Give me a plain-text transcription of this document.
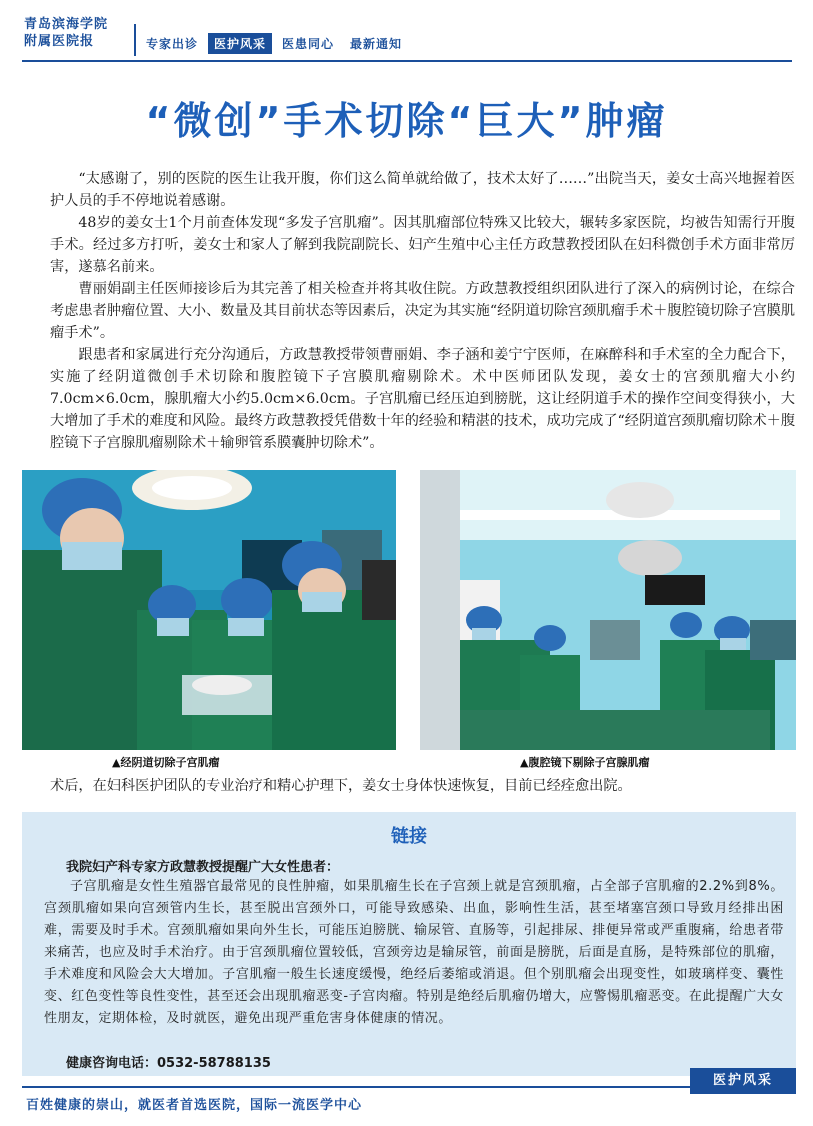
青岛滨海学院
附属医院报	专家出诊	医护风采	医患同心	最新通知
“微创”手术切除“巨大”肿瘤

“太感谢了，别的医院的医生让我开腹，你们这么简单就给做了，技术太好了……”出院当天，姜女士高兴地握着医护人员的手不停地说着感谢。

48岁的姜女士1个月前查体发现“多发子宫肌瘤”。因其肌瘤部位特殊又比较大，辗转多家医院，均被告知需行开腹手术。经过多方打听，姜女士和家人了解到我院副院长、妇产生殖中心主任方政慧教授团队在妇科微创手术方面非常厉害，遂慕名前来。

曹丽娟副主任医师接诊后为其完善了相关检查并将其收住院。方政慧教授组织团队进行了深入的病例讨论，在综合考虑患者肿瘤位置、大小、数量及其目前状态等因素后，决定为其实施“经阴道切除宫颈肌瘤手术＋腹腔镜切除子宫膜肌瘤手术”。

跟患者和家属进行充分沟通后，方政慧教授带领曹丽娟、李子涵和姜宁宁医师，在麻醉科和手术室的全力配合下，实施了经阴道微创手术切除和腹腔镜下子宫膜肌瘤剔除术。术中医师团队发现，姜女士的宫颈肌瘤大小约7.0cm×6.0cm，腺肌瘤大小约5.0cm×6.0cm。子宫肌瘤已经压迫到膀胱，这让经阴道手术的操作空间变得狭小，大大增加了手术的难度和风险。最终方政慧教授凭借数十年的经验和精湛的技术，成功完成了“经阴道宫颈肌瘤切除术＋腹腔镜下子宫腺肌瘤剔除术＋输卵管系膜囊肿切除术”。

▲经阴道切除子宫肌瘤	▲腹腔镜下剔除子宫腺肌瘤
术后，在妇科医护团队的专业治疗和精心护理下，姜女士身体快速恢复，目前已经痊愈出院。
链接
我院妇产科专家方政慧教授提醒广大女性患者：
子宫肌瘤是女性生殖器官最常见的良性肿瘤，如果肌瘤生长在子宫颈上就是宫颈肌瘤，占全部子宫肌瘤的2.2%到8%。宫颈肌瘤如果向宫颈管内生长，甚至脱出宫颈外口，可能导致感染、出血，影响性生活，甚至堵塞宫颈口导致月经排出困难，需要及时手术。宫颈肌瘤如果向外生长，可能压迫膀胱、输尿管、直肠等，引起排尿、排便异常或严重腹痛，给患者带来痛苦，也应及时手术治疗。由于宫颈肌瘤位置较低，宫颈旁边是输尿管，前面是膀胱，后面是直肠，是特殊部位的肌瘤，手术难度和风险会大大增加。子宫肌瘤一般生长速度缓慢，绝经后萎缩或消退。但个别肌瘤会出现变性，如玻璃样变、囊性变、红色变性等良性变性，甚至还会出现肌瘤恶变-子宫肉瘤。特别是绝经后肌瘤仍增大，应警惕肌瘤恶变。在此提醒广大女性朋友，定期体检，及时就医，避免出现严重危害身体健康的情况。
健康咨询电话：0532-58788135
医护风采
百姓健康的崇山，就医者首选医院，国际一流医学中心
